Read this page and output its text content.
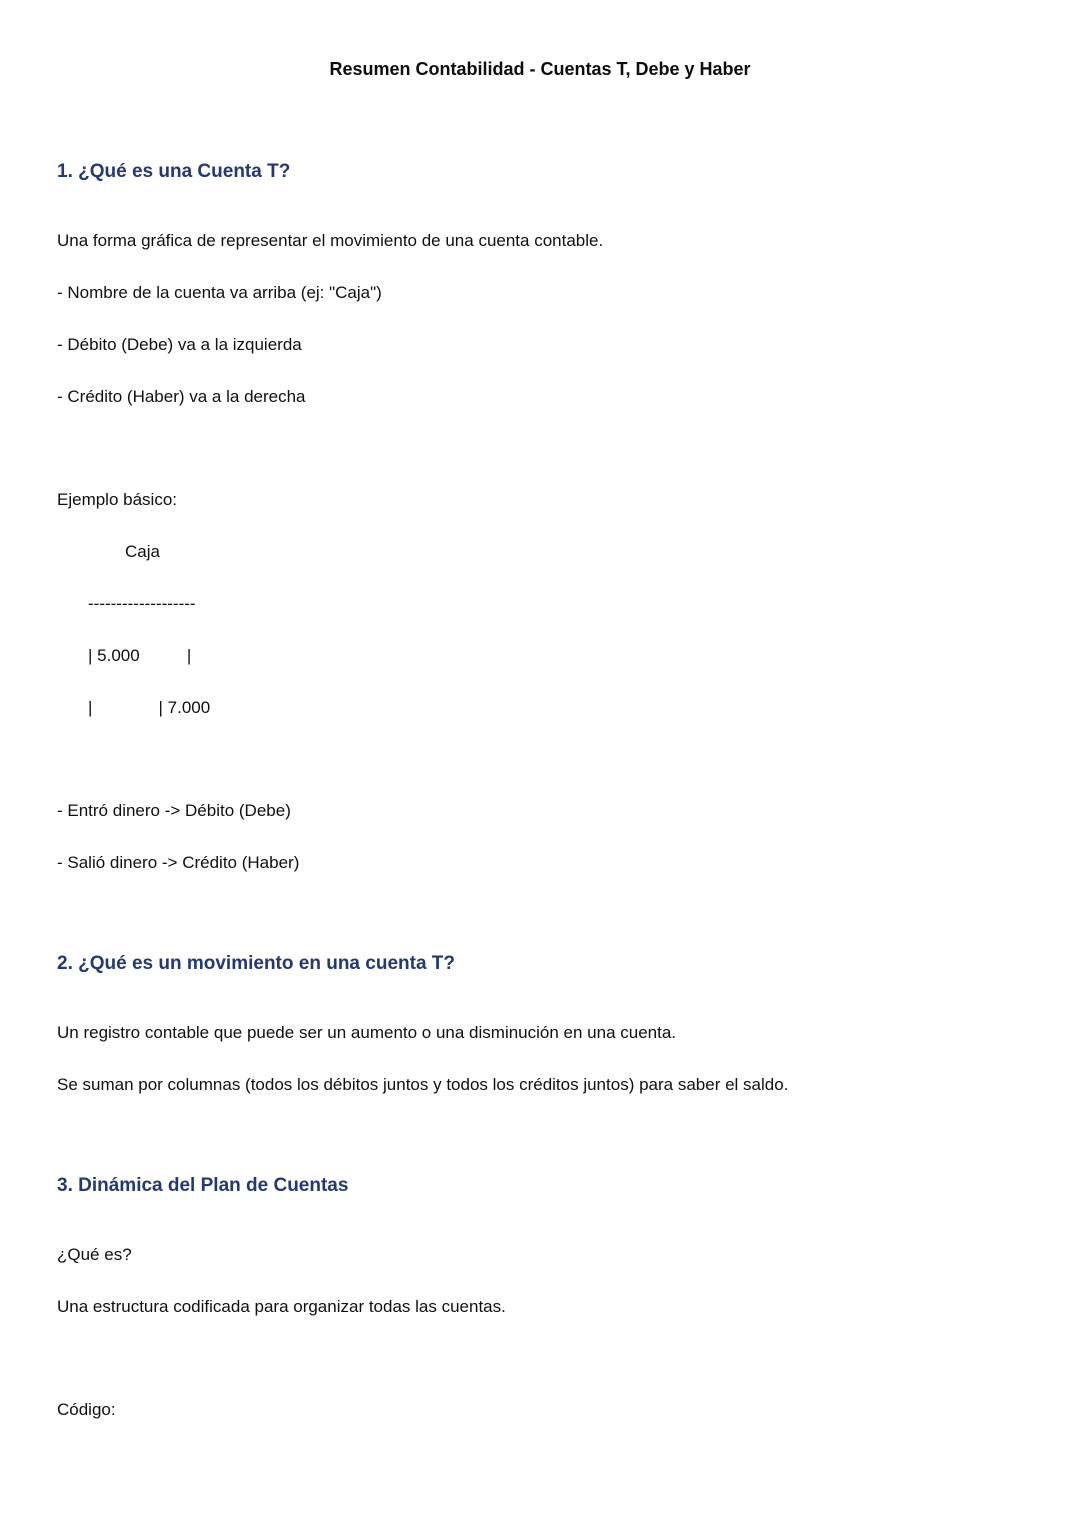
Resumen Contabilidad - Cuentas T, Debe y Haber

1. ¿Qué es una Cuenta T?

Una forma gráfica de representar el movimiento de una cuenta contable.

- Nombre de la cuenta va arriba (ej: "Caja")

- Débito (Debe) va a la izquierda

- Crédito (Haber) va a la derecha

Ejemplo básico:

Caja

-------------------

| 5.000          |

|              | 7.000

- Entró dinero -> Débito (Debe)

- Salió dinero -> Crédito (Haber)

2. ¿Qué es un movimiento en una cuenta T?

Un registro contable que puede ser un aumento o una disminución en una cuenta.

Se suman por columnas (todos los débitos juntos y todos los créditos juntos) para saber el saldo.

3. Dinámica del Plan de Cuentas

¿Qué es?

Una estructura codificada para organizar todas las cuentas.

Código:
